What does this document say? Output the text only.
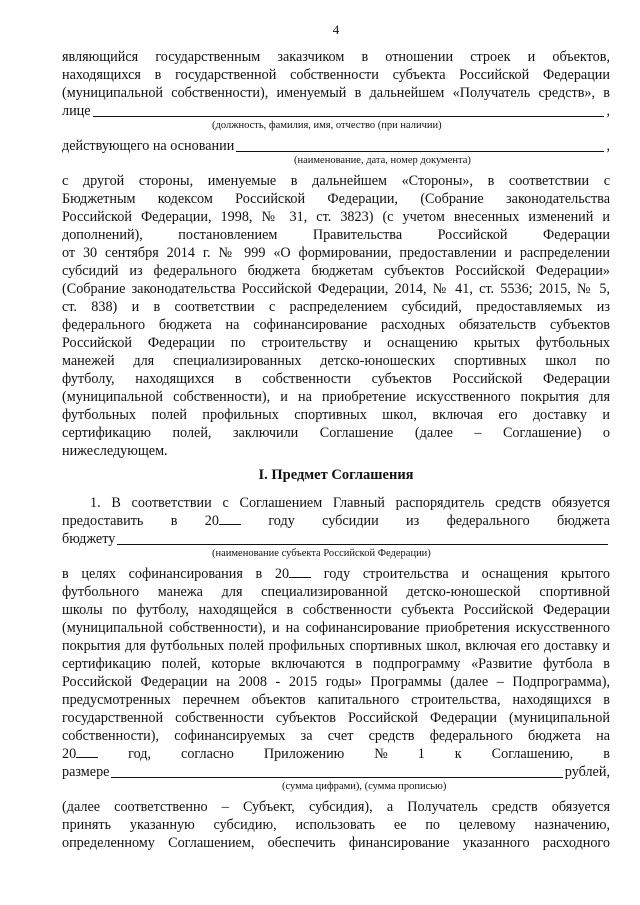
4
являющийся государственным заказчиком в отношении строек и объектов,
находящихся в государственной собственности субъекта Российской Федерации
(муниципальной собственности), именуемый в дальнейшем «Получатель средств», в
лице	,
(должность, фамилия, имя, отчество (при наличии)
действующего на основании	,
(наименование, дата, номер документа)
с другой стороны, именуемые в дальнейшем «Стороны», в соответствии с
Бюджетным кодексом Российской Федерации, (Собрание законодательства
Российской Федерации, 1998, № 31, ст. 3823) (с учетом внесенных изменений и
дополнений), постановлением Правительства Российской Федерации
от 30 сентября 2014 г. № 999 «О формировании, предоставлении и распределении
субсидий из федерального бюджета бюджетам субъектов Российской Федерации»
(Собрание законодательства Российской Федерации, 2014, № 41, ст. 5536; 2015, № 5,
ст. 838) и в соответствии с распределением субсидий, предоставляемых из
федерального бюджета на софинансирование расходных обязательств субъектов
Российской Федерации по строительству и оснащению крытых футбольных
манежей для специализированных детско-юношеских спортивных школ по
футболу, находящихся в собственности субъектов Российской Федерации
(муниципальной собственности), и на приобретение искусственного покрытия для
футбольных полей профильных спортивных школ, включая его доставку и
сертификацию полей, заключили Соглашение (далее – Соглашение) о
нижеследующем.
I. Предмет Соглашения
1. В соответствии с Соглашением Главный распорядитель средств обязуется
предоставить в 20	году субсидии из федерального бюджета
бюджету
(наименование субъекта Российской Федерации)
в целях софинансирования в 20 году строительства и оснащения крытого
футбольного манежа для специализированной детско-юношеской спортивной
школы по футболу, находящейся в собственности субъекта Российской Федерации
(муниципальной собственности), и на софинансирование приобретения искусственного
покрытия для футбольных полей профильных спортивных школ, включая его доставку и
сертификацию полей, которые включаются в подпрограмму «Развитие футбола в
Российской Федерации на 2008 - 2015 годы» Программы (далее – Подпрограмма),
предусмотренных перечнем объектов капитального строительства, находящихся в
государственной собственности субъектов Российской Федерации (муниципальной
собственности), софинансируемых за счет средств федерального бюджета на
20	год, согласно Приложению № 1 к Соглашению, в
размере	рублей,
(сумма цифрами), (сумма прописью)
(далее соответственно – Субъект, субсидия), а Получатель средств обязуется
принять указанную субсидию, использовать ее по целевому назначению,
определенному Соглашением, обеспечить финансирование указанного расходного
